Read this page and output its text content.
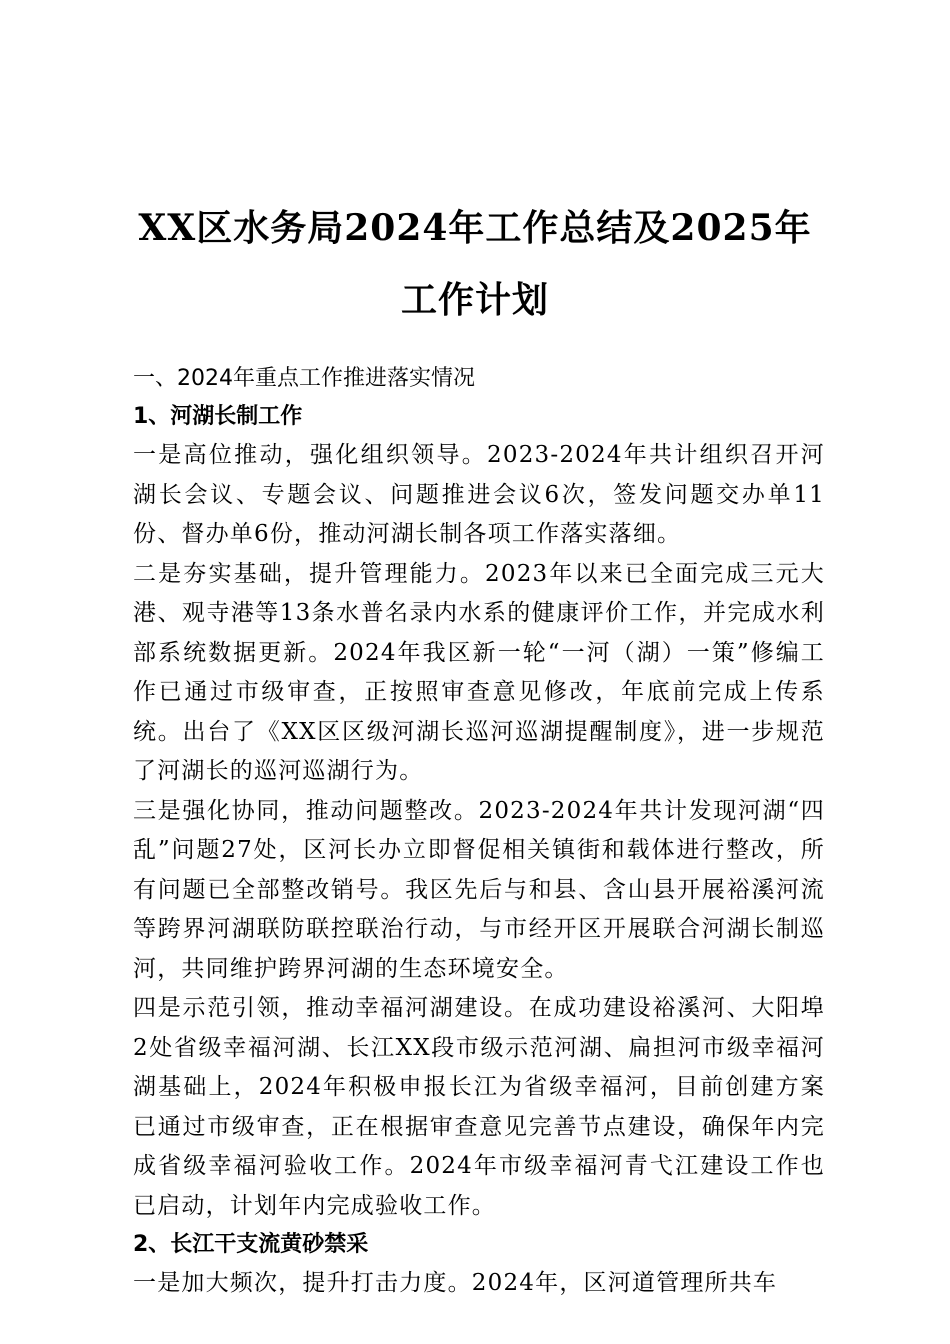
XX区水务局2024年工作总结及2025年工作计划

一、2024年重点工作推进落实情况

1、河湖长制工作

一是高位推动，强化组织领导。2023-2024年共计组织召开河湖长会议、专题会议、问题推进会议6次，签发问题交办单11份、督办单6份，推动河湖长制各项工作落实落细。

二是夯实基础，提升管理能力。2023年以来已全面完成三元大港、观寺港等13条水普名录内水系的健康评价工作，并完成水利部系统数据更新。2024年我区新一轮“一河（湖）一策”修编工作已通过市级审查，正按照审查意见修改，年底前完成上传系统。出台了《XX区区级河湖长巡河巡湖提醒制度》，进一步规范了河湖长的巡河巡湖行为。

三是强化协同，推动问题整改。2023-2024年共计发现河湖“四乱”问题27处，区河长办立即督促相关镇街和载体进行整改，所有问题已全部整改销号。我区先后与和县、含山县开展裕溪河流等跨界河湖联防联控联治行动，与市经开区开展联合河湖长制巡河，共同维护跨界河湖的生态环境安全。

四是示范引领，推动幸福河湖建设。在成功建设裕溪河、大阳埠2处省级幸福河湖、长江XX段市级示范河湖、扁担河市级幸福河湖基础上，2024年积极申报长江为省级幸福河，目前创建方案已通过市级审查，正在根据审查意见完善节点建设，确保年内完成省级幸福河验收工作。2024年市级幸福河青弋江建设工作也已启动，计划年内完成验收工作。

2、长江干支流黄砂禁采

一是加大频次，提升打击力度。2024年，区河道管理所共车
